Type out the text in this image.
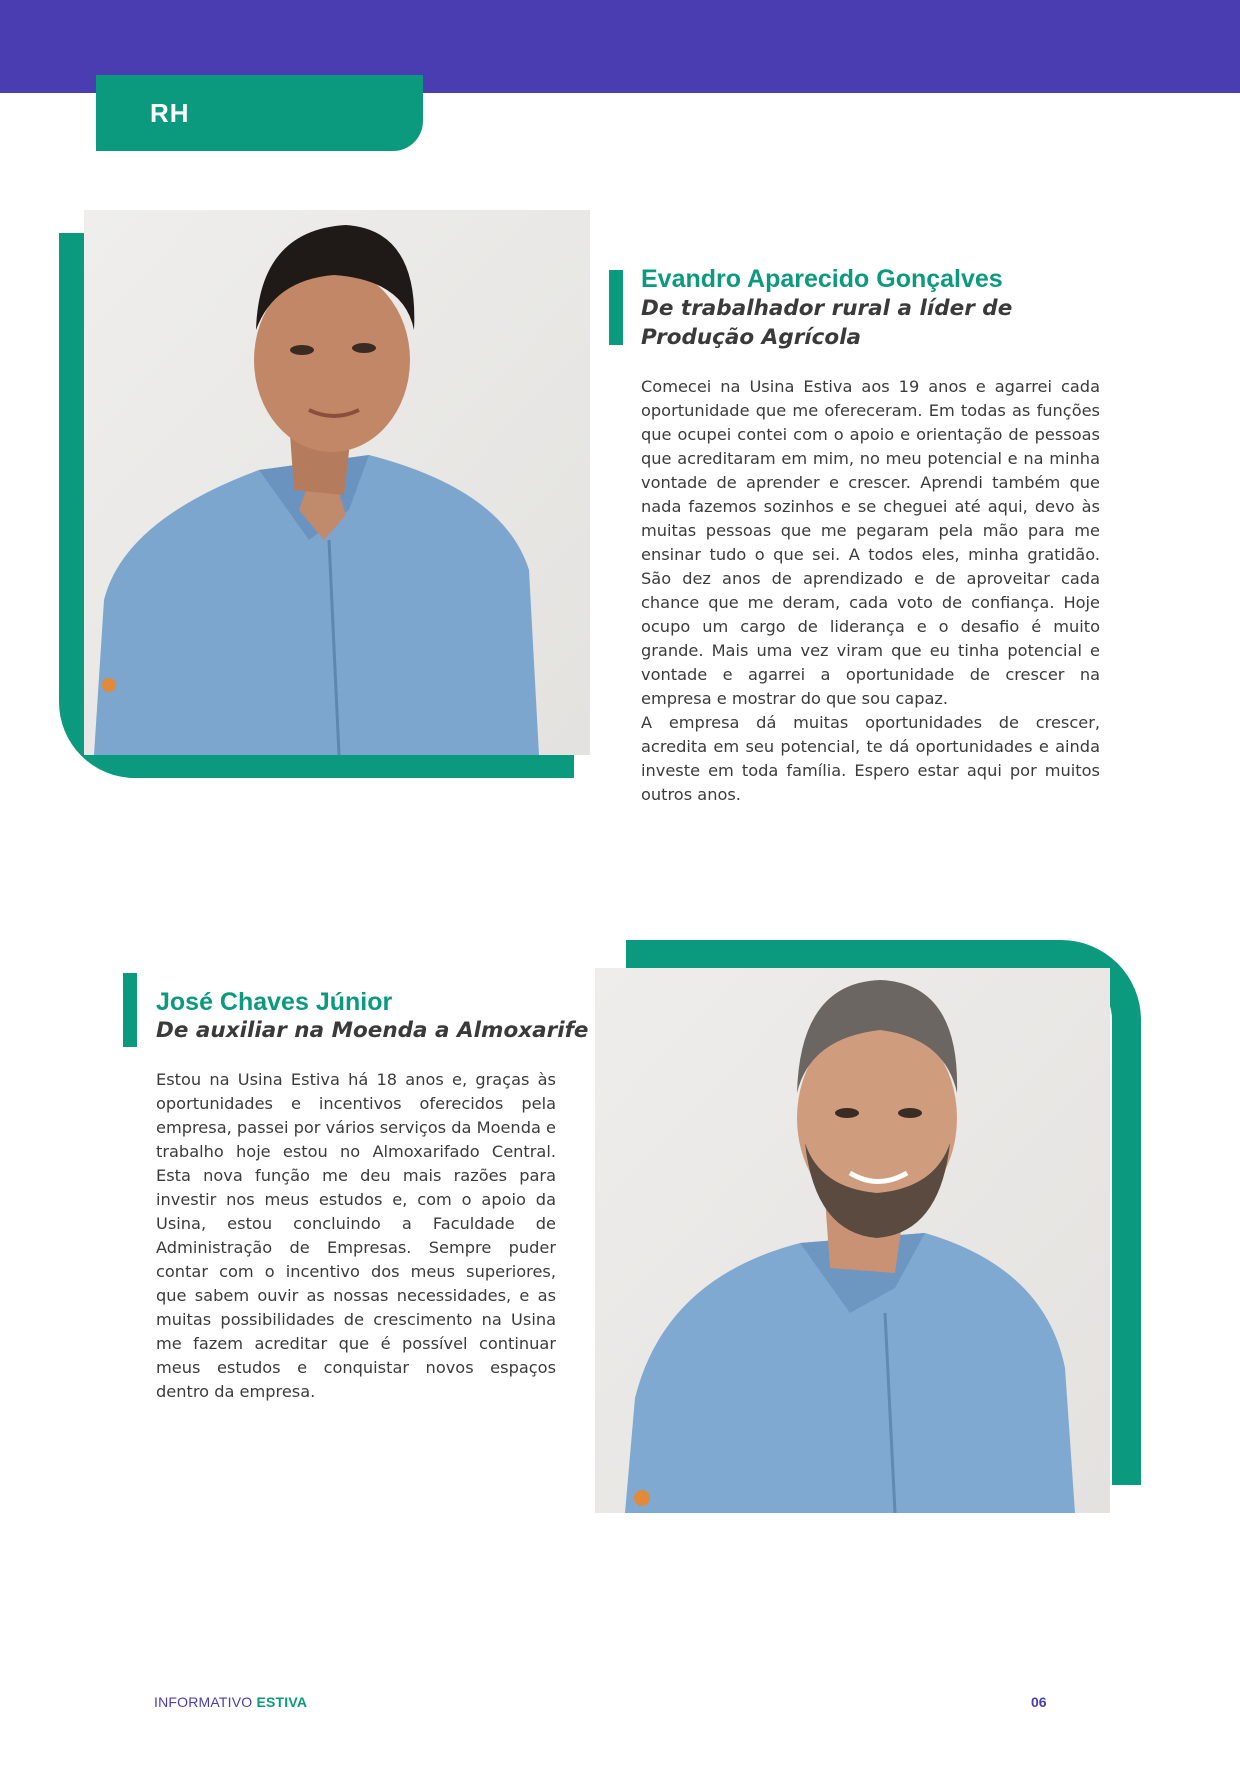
RH
Evandro Aparecido Gonçalves
De trabalhador rural a líder de Produção Agrícola

Comecei na Usina Estiva aos 19 anos e agarrei cada oportunidade que me ofereceram. Em todas as funções que ocupei contei com o apoio e orientação de pessoas que acreditaram em mim, no meu potencial e na minha vontade de aprender e crescer. Aprendi também que nada fazemos sozinhos e se cheguei até aqui, devo às muitas pessoas que me pegaram pela mão para me ensinar tudo o que sei. A todos eles, minha gratidão. São dez anos de aprendizado e de aproveitar cada chance que me deram, cada voto de confiança. Hoje ocupo um cargo de liderança e o desafio é muito grande. Mais uma vez viram que eu tinha potencial e vontade e agarrei a oportunidade de crescer na empresa e mostrar do que sou capaz.

A empresa dá muitas oportunidades de crescer, acredita em seu potencial, te dá oportunidades e ainda investe em toda família. Espero estar aqui por muitos outros anos.

José Chaves Júnior
De auxiliar na Moenda a Almoxarife

Estou na Usina Estiva há 18 anos e, graças às oportunidades e incentivos oferecidos pela empresa, passei por vários serviços da Moenda e trabalho hoje estou no Almoxarifado Central. Esta nova função me deu mais razões para investir nos meus estudos e, com o apoio da Usina, estou concluindo a Faculdade de Administração de Empresas. Sempre puder contar com o incentivo dos meus superiores, que sabem ouvir as nossas necessidades, e as muitas possibilidades de crescimento na Usina me fazem acreditar que é possível continuar meus estudos e conquistar novos espaços dentro da empresa.

INFORMATIVO ESTIVA	06
